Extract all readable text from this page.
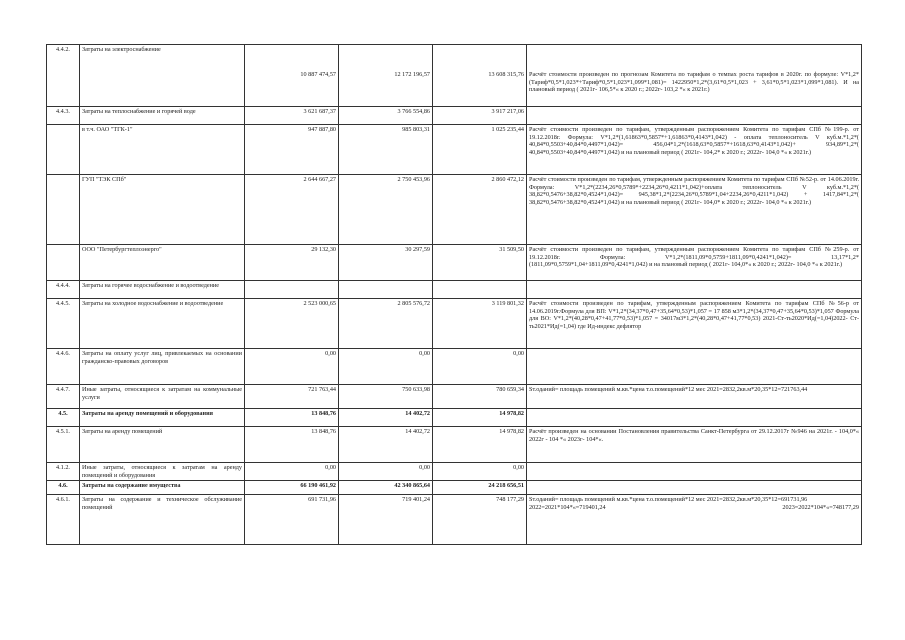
4.4.2.	Затраты на электроснабжение	10 887 474,57	12 172 196,57	13 608 315,76	Расчёт стоимости произведен по прогнозам Комитета по тарифам о темпах роста тарифов в 2020г. по формуле: V*1,2*(Тариф*0,5*1,023*+Тариф*0,5*1,023*1,099*1,081)= 1422950*1,2*(3,61*0,5*1,023 + 3,61*0,5*1,023*1,099*1,081). И на плановый период ( 2021г- 106,5*« к 2020 г.; 2022г- 103,2 *« к 2021г.)

4.4.3.	Затраты на теплоснабжение и горячей воде	3 621 687,37	3 766 554,86	3 917 217,06	

	в т.ч. ОАО "ТГК-1"	947 887,80	985 803,31	1 025 235,44	Расчёт стоимости произведен по тарифам, утвержденным распоряжением Комитета по тарифам СПб №199-р. от 19.12.2018г. Формула: V*1,2*(1,61863*0,5857*+1,61863*0,4143*1,042) - оплата теплоноситель V куб.м.*1,2*( 40,84*0,5503+40,84*0,4497*1,042)= 456,04*1,2*(1618,63*0,5857*+1618,63*0,4143*1,042)+ 934,89*1,2*( 40,84*0,5503+40,84*0,4497*1,042) и на плановый период ( 2021г- 104,2* к 2020 г.; 2022г- 104,0 *« к 2021г.)

	ГУП "ТЭК СПб"	2 644 667,27	2 750 453,96	2 860 472,12	Расчёт стоимости произведен по тарифам, утвержденным распоряжением Комитета по тарифам СПб №52-р. от 14.06.2019г. Формула: V*1,2*(2234,26*0,5789*+2234,26*0,4211*1,042)+оплата теплоноситель V куб.м.*1,2*( 38,82*0,5476+38,82*0,4524*1,042)= 945,38*1,2*(2234,26*0,5789*1,04+2234,26*0,4211*1,042) + 1417,84*1,2*( 38,82*0,5476+38,82*0,4524*1,042) и на плановый период ( 2021г- 104,0* к 2020 г.; 2022г- 104,0 *« к 2021г.)

	ООО "Петербургтеплоэнерго"	29 132,30	30 297,59	31 509,50	Расчёт стоимости произведен по тарифам, утвержденным распоряжением Комитета по тарифам СПб №259-р. от 19.12.2018г. Формула: V*1,2*(1811,09*0,5759+1811,09*0,4241*1,042)= 13,17*1,2*(1811,09*0,5759*1,04+1811,09*0,4241*1,042) и на плановый период ( 2021г- 104,0*« к 2020 г.; 2022г- 104,0 *« к 2021г.)

4.4.4.	Затраты на горячее водоснабжение и водоотведение				

4.4.5.	Затраты на холодное водоснабжение и водоотведение	2 523 000,65	2 805 576,72	3 119 801,32	Расчёт стоимости произведен по тарифам, утвержденным распоряжением Комитета по тарифам СПб №56-р от 14.06.2019г.Формула для ВП: V*1,2*(34,37*0,47+35,64*0,53)*1,057 = 17 858 м3*1,2*(34,37*0,47+35,64*0,53)*1,057 Формула для ВО: V*1,2*(40,28*0,47+41,77*0,53)*1,057 = 34017м3*1,2*(40,28*0,47+41,77*0,53) 2021-Ст-ть2020*Ид(=1,04)2022- Ст-ть2021*Ид(=1,04) где Ид-индекс дефлятор

4.4.6.	Затраты на оплату услуг лиц, привлекаемых на основании гражданско-правовых договоров	0,00	0,00	0,00	

4.4.7.	Иные затраты, относящиеся к затратам на коммунальные услуги	721 763,44	750 633,98	780 659,34	Sт.оданий= площадь помещений м.кв.*цена т.о.помещений*12 мес 2021=2832,2кв.м*20,35*12=721763,44

4.5.	Затраты на аренду помещений и оборудования	13 848,76	14 402,72	14 978,82	

4.5.1.	Затраты на аренду помещений	13 848,76	14 402,72	14 978,82	Расчёт произведен на основании Постановления правительства Санкт-Петербурга от 29.12.2017г №946 на 2021г. - 104,0*« 2022г - 104 *« 2023г- 104*«.

4.1.2.	Иные затраты, относящиеся к затратам на аренду помещений и оборудования	0,00	0,00	0,00	

4.6.	Затраты на содержание имущества	66 190 461,92	42 340 865,64	24 218 656,51	

4.6.1.	Затраты на содержание и техническое обслуживание помещений	691 731,96	719 401,24	748 177,29	Sт.оданий= площадь помещений м.кв.*цена т.о.помещений*12 мес 2021=2832,2кв.м*20,35*12=691731,96
2023=2022*104*«=748177,29
2022=2021*104*«=719401,24
